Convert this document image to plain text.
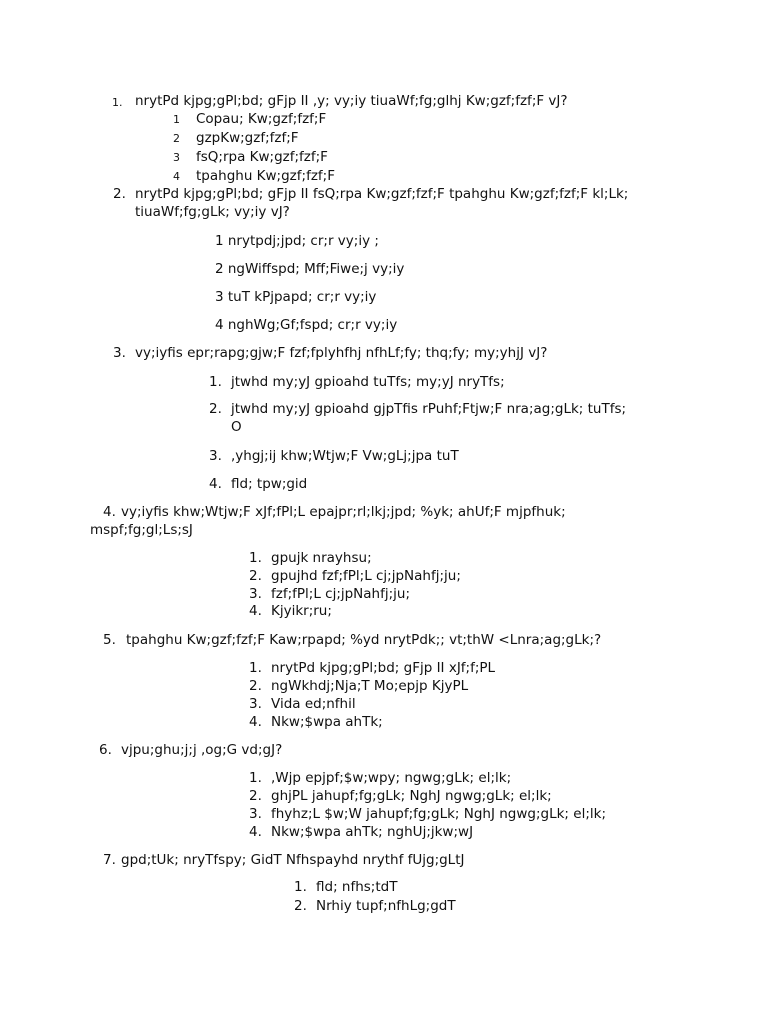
1. nrytPd kjpg;gPl;bd; gFjp II ,y; vy;iy tiuaWf;fg;glhj Kw;gzf;fzf;F vJ?
1 Copau; Kw;gzf;fzf;F
2 gzpKw;gzf;fzf;F
3 fsQ;rpa Kw;gzf;fzf;F
4 tpahghu Kw;gzf;fzf;F
2. nrytPd kjpg;gPl;bd; gFjp II fsQ;rpa Kw;gzf;fzf;F tpahghu Kw;gzf;fzf;F kl;Lk;
tiuaWf;fg;gLk; vy;iy vJ?
1 nrytpdj;jpd; cr;r vy;iy ;
2 ngWiffspd; Mff;Fiwe;j vy;iy
3 tuT kPjpapd; cr;r vy;iy
4 nghWg;Gf;fspd; cr;r vy;iy
3. vy;iyfis epr;rapg;gjw;F fzf;fplyhfhj nfhLf;fy; thq;fy; my;yhjJ vJ?
1. jtwhd my;yJ gpioahd tuTfs; my;yJ nryTfs;
2. jtwhd my;yJ gpioahd gjpTfis rPuhf;Ftjw;F nra;ag;gLk; tuTfs;
O
3. ,yhgj;ij khw;Wtjw;F Vw;gLj;jpa tuT
4. fld; tpw;gid
4. vy;iyfis khw;Wtjw;F xJf;fPl;L epajpr;rl;lkj;jpd; %yk; ahUf;F mjpfhuk;
mspf;fg;gl;Ls;sJ
1. gpujk nrayhsu;
2. gpujhd fzf;fPl;L cj;jpNahfj;ju;
3. fzf;fPl;L cj;jpNahfj;ju;
4. Kjyikr;ru;
5. tpahghu Kw;gzf;fzf;F Kaw;rpapd; %yd nrytPdk;; vt;thW <Lnra;ag;gLk;?
1. nrytPd kjpg;gPl;bd; gFjp II xJf;f;PL
2. ngWkhdj;Nja;T Mo;epjp KjyPL
3. Vida ed;nfhil
4. Nkw;$wpa ahTk;
6. vjpu;ghu;j;j ,og;G vd;gJ?
1. ,Wjp epjpf;$w;wpy; ngwg;gLk; el;lk;
2. ghjPL jahupf;fg;gLk; NghJ ngwg;gLk; el;lk;
3. fhyhz;L $w;W jahupf;fg;gLk; NghJ ngwg;gLk; el;lk;
4. Nkw;$wpa ahTk; nghUj;jkw;wJ
7. gpd;tUk; nryTfspy; GidT Nfhspayhd nrythf fUjg;gLtJ
1. fld; nfhs;tdT
2. Nrhiy tupf;nfhLg;gdT
